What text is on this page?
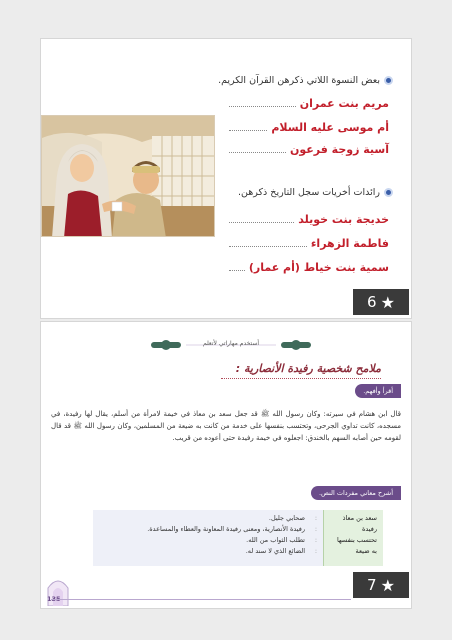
بعض النسوة اللاتي ذكرهن القرآن الكريم.
مريم بنت عمران
أم موسى عليه السلام
آسية زوجة فرعون
رائدات أخريات سجل التاريخ ذكرهن.
خديجة بنت خويلد
فاطمة الزهراء
سمية بنت خياط (أم عمار)
6 ★
أستخدم مهاراتي لأتعلم
ملامح شخصية رفيدة الأنصارية :
أقرأ وأفهم.
قال ابن هشام في سيرته: وكان رسول الله ﷺ قد جعل سعد بن معاذ في خيمة لامرأة من أسلم، يقال لها رفيدة، في مسجده، كانت تداوي الجرحى، وتحتسب بنفسها على خدمة من كانت به ضيعة من المسلمين، وكان رسول الله ﷺ قد قال لقومه حين أصابه السهم بالخندق: اجعلوه في خيمة رفيدة حتى أعوده من قريب.
أشرح معاني مفردات النص.
سعد بن معاذ
:
صحابي جليل.
رفيدة
:
رفيدة الأنصارية، ومعنى رفيدة المعاونة والعطاء والمساعدة.
تحتسب بنفسها
:
تطلب الثواب من الله.
به ضيعة
:
الضائع الذي لا سند له.
135
7 ★
